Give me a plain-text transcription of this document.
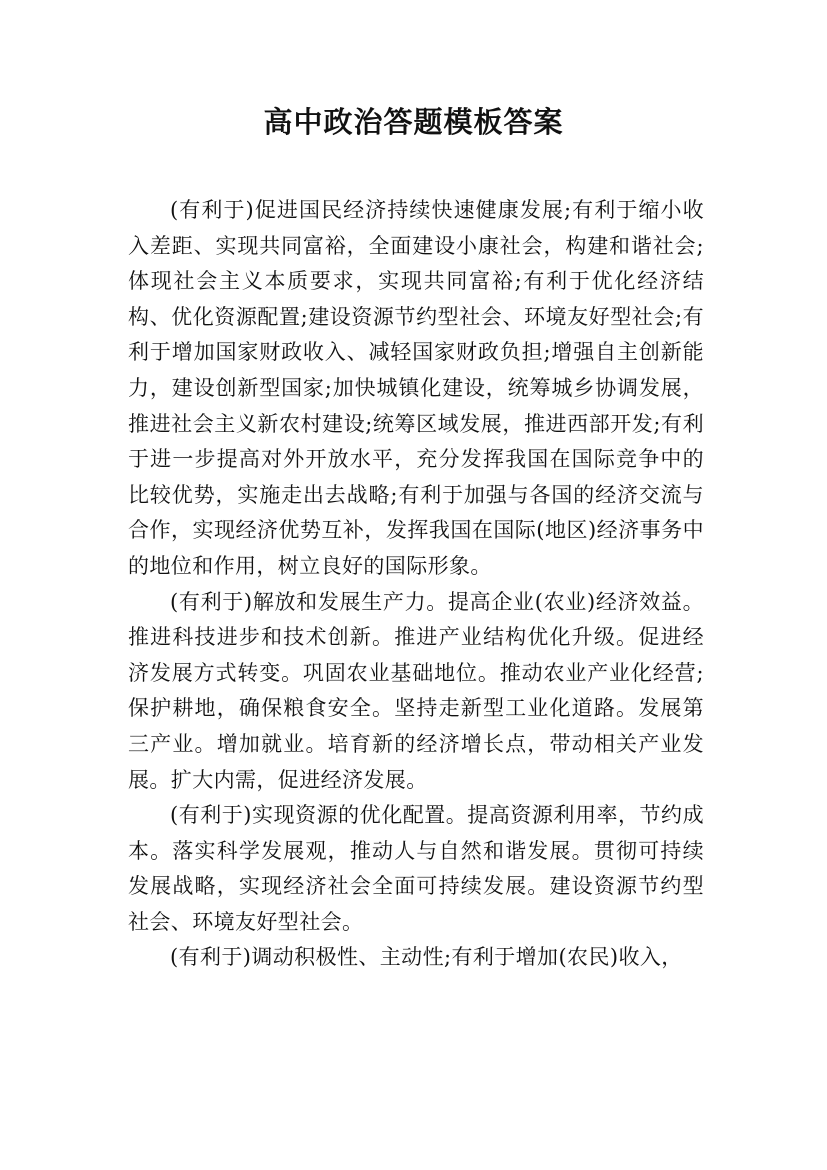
高中政治答题模板答案

(有利于)促进国民经济持续快速健康发展;有利于缩小收入差距、实现共同富裕，全面建设小康社会，构建和谐社会;体现社会主义本质要求，实现共同富裕;有利于优化经济结构、优化资源配置;建设资源节约型社会、环境友好型社会;有利于增加国家财政收入、减轻国家财政负担;增强自主创新能力，建设创新型国家;加快城镇化建设，统筹城乡协调发展，推进社会主义新农村建设;统筹区域发展，推进西部开发;有利于进一步提高对外开放水平，充分发挥我国在国际竞争中的比较优势，实施走出去战略;有利于加强与各国的经济交流与合作，实现经济优势互补，发挥我国在国际(地区)经济事务中的地位和作用，树立良好的国际形象。

(有利于)解放和发展生产力。提高企业(农业)经济效益。推进科技进步和技术创新。推进产业结构优化升级。促进经济发展方式转变。巩固农业基础地位。推动农业产业化经营;保护耕地，确保粮食安全。坚持走新型工业化道路。发展第三产业。增加就业。培育新的经济增长点，带动相关产业发展。扩大内需，促进经济发展。

(有利于)实现资源的优化配置。提高资源利用率，节约成本。落实科学发展观，推动人与自然和谐发展。贯彻可持续发展战略，实现经济社会全面可持续发展。建设资源节约型社会、环境友好型社会。

(有利于)调动积极性、主动性;有利于增加(农民)收入，
